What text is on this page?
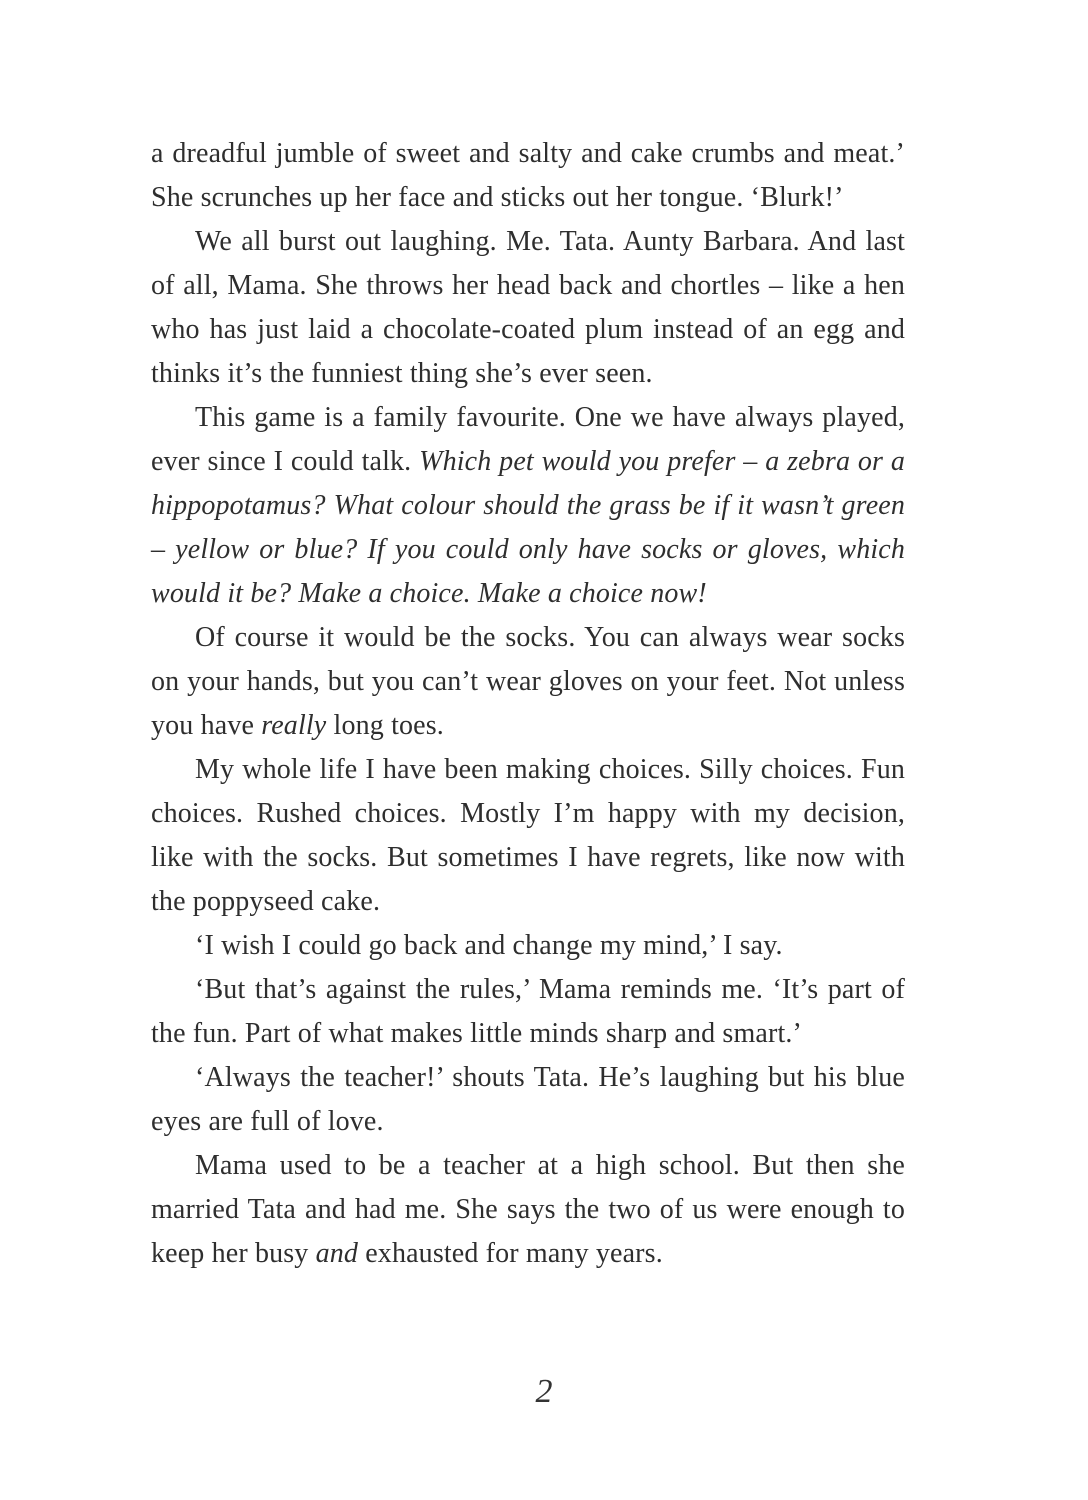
a dreadful jumble of sweet and salty and cake crumbs and meat.’ She scrunches up her face and sticks out her tongue. ‘Blurk!’

We all burst out laughing. Me. Tata. Aunty Barbara. And last of all, Mama. She throws her head back and chortles – like a hen who has just laid a chocolate-coated plum instead of an egg and thinks it’s the funniest thing she’s ever seen.

This game is a family favourite. One we have always played, ever since I could talk. Which pet would you prefer – a zebra or a hippopotamus? What colour should the grass be if it wasn’t green – yellow or blue? If you could only have socks or gloves, which would it be? Make a choice. Make a choice now!

Of course it would be the socks. You can always wear socks on your hands, but you can’t wear gloves on your feet. Not unless you have really long toes.

My whole life I have been making choices. Silly choices. Fun choices. Rushed choices. Mostly I’m happy with my decision, like with the socks. But sometimes I have regrets, like now with the poppyseed cake.

‘I wish I could go back and change my mind,’ I say.

‘But that’s against the rules,’ Mama reminds me. ‘It’s part of the fun. Part of what makes little minds sharp and smart.’

‘Always the teacher!’ shouts Tata. He’s laughing but his blue eyes are full of love.

Mama used to be a teacher at a high school. But then she married Tata and had me. She says the two of us were enough to keep her busy and exhausted for many years.

2
